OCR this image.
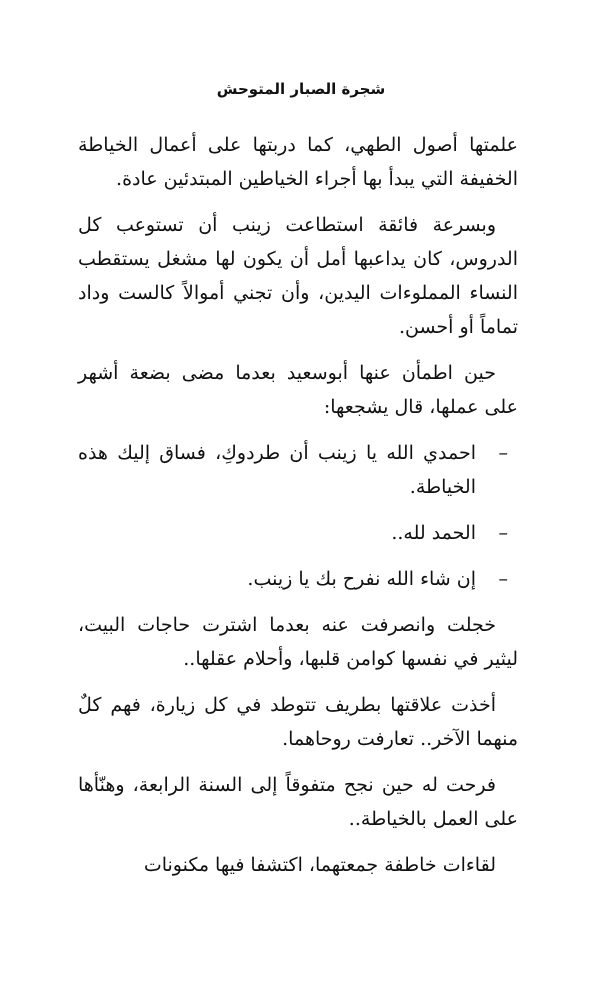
شجرة الصبار المتوحش

علمتها أصول الطهي، كما دربتها على أعمال الخياطة الخفيفة التي يبدأ بها أجراء الخياطين المبتدئين عادة.

وبسرعة فائقة استطاعت زينب أن تستوعب كل الدروس، كان يداعبها أمل أن يكون لها مشغل يستقطب النساء المملوءات اليدين، وأن تجني أموالاً كالست وداد تماماً أو أحسن.

حين اطمأن عنها أبوسعيد بعدما مضى بضعة أشهر على عملها، قال يشجعها:

–
احمدي الله يا زينب أن طردوكِ، فساق إليك هذه الخياطة.

–
الحمد لله..

–
إن شاء الله نفرح بك يا زينب.

خجلت وانصرفت عنه بعدما اشترت حاجات البيت، ليثير في نفسها كوامن قلبها، وأحلام عقلها..

أخذت علاقتها بطريف تتوطد في كل زيارة، فهم كلٌ منهما الآخر.. تعارفت روحاهما.

فرحت له حين نجح متفوقاً إلى السنة الرابعة، وهنّأها على العمل بالخياطة..

لقاءات خاطفة جمعتهما، اكتشفا فيها مكنونات
